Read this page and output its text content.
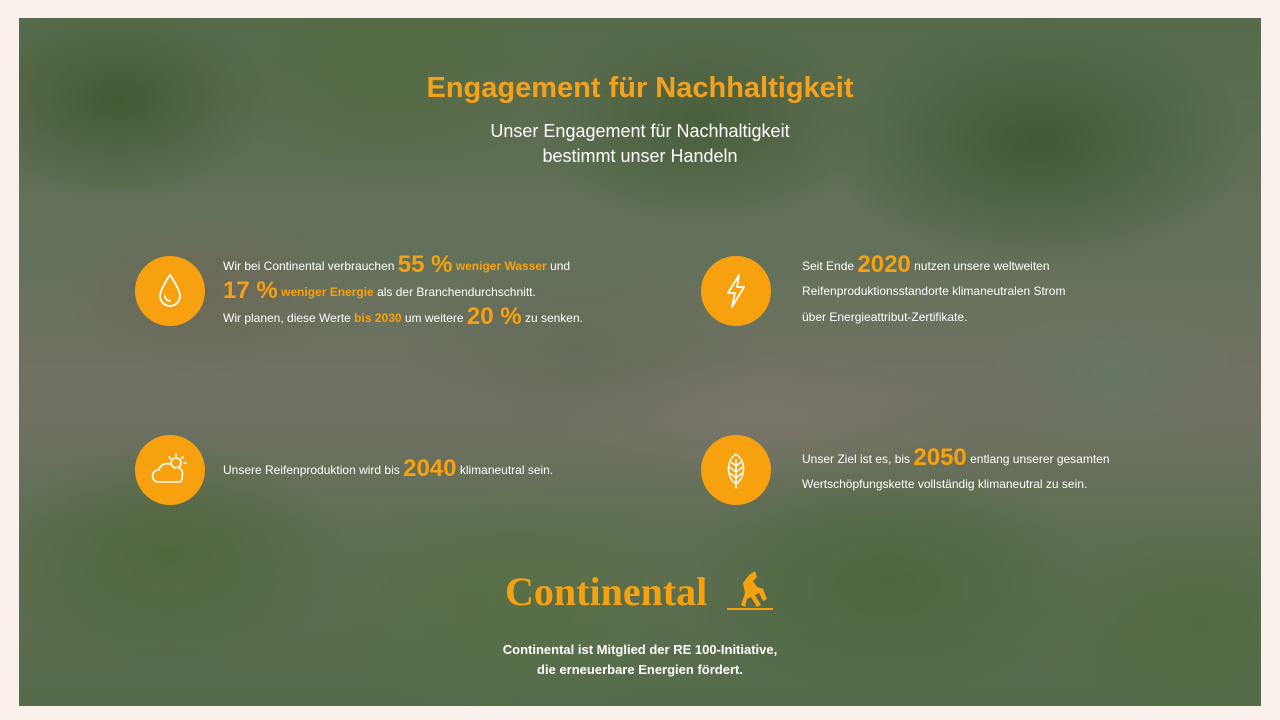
Engagement für Nachhaltigkeit
Unser Engagement für Nachhaltigkeit
bestimmt unser Handeln
Wir bei Continental verbrauchen 55 % weniger Wasser und
17 % weniger Energie als der Branchendurchschnitt.
Wir planen, diese Werte bis 2030 um weitere 20 % zu senken.
Seit Ende 2020 nutzen unsere weltweiten
Reifenproduktionsstandorte klimaneutralen Strom
über Energieattribut-Zertifikate.
Unsere Reifenproduktion wird bis 2040 klimaneutral sein.
Unser Ziel ist es, bis 2050 entlang unserer gesamten
Wertschöpfungskette vollständig klimaneutral zu sein.
Continental
Continental ist Mitglied der RE 100-Initiative,
die erneuerbare Energien fördert.
